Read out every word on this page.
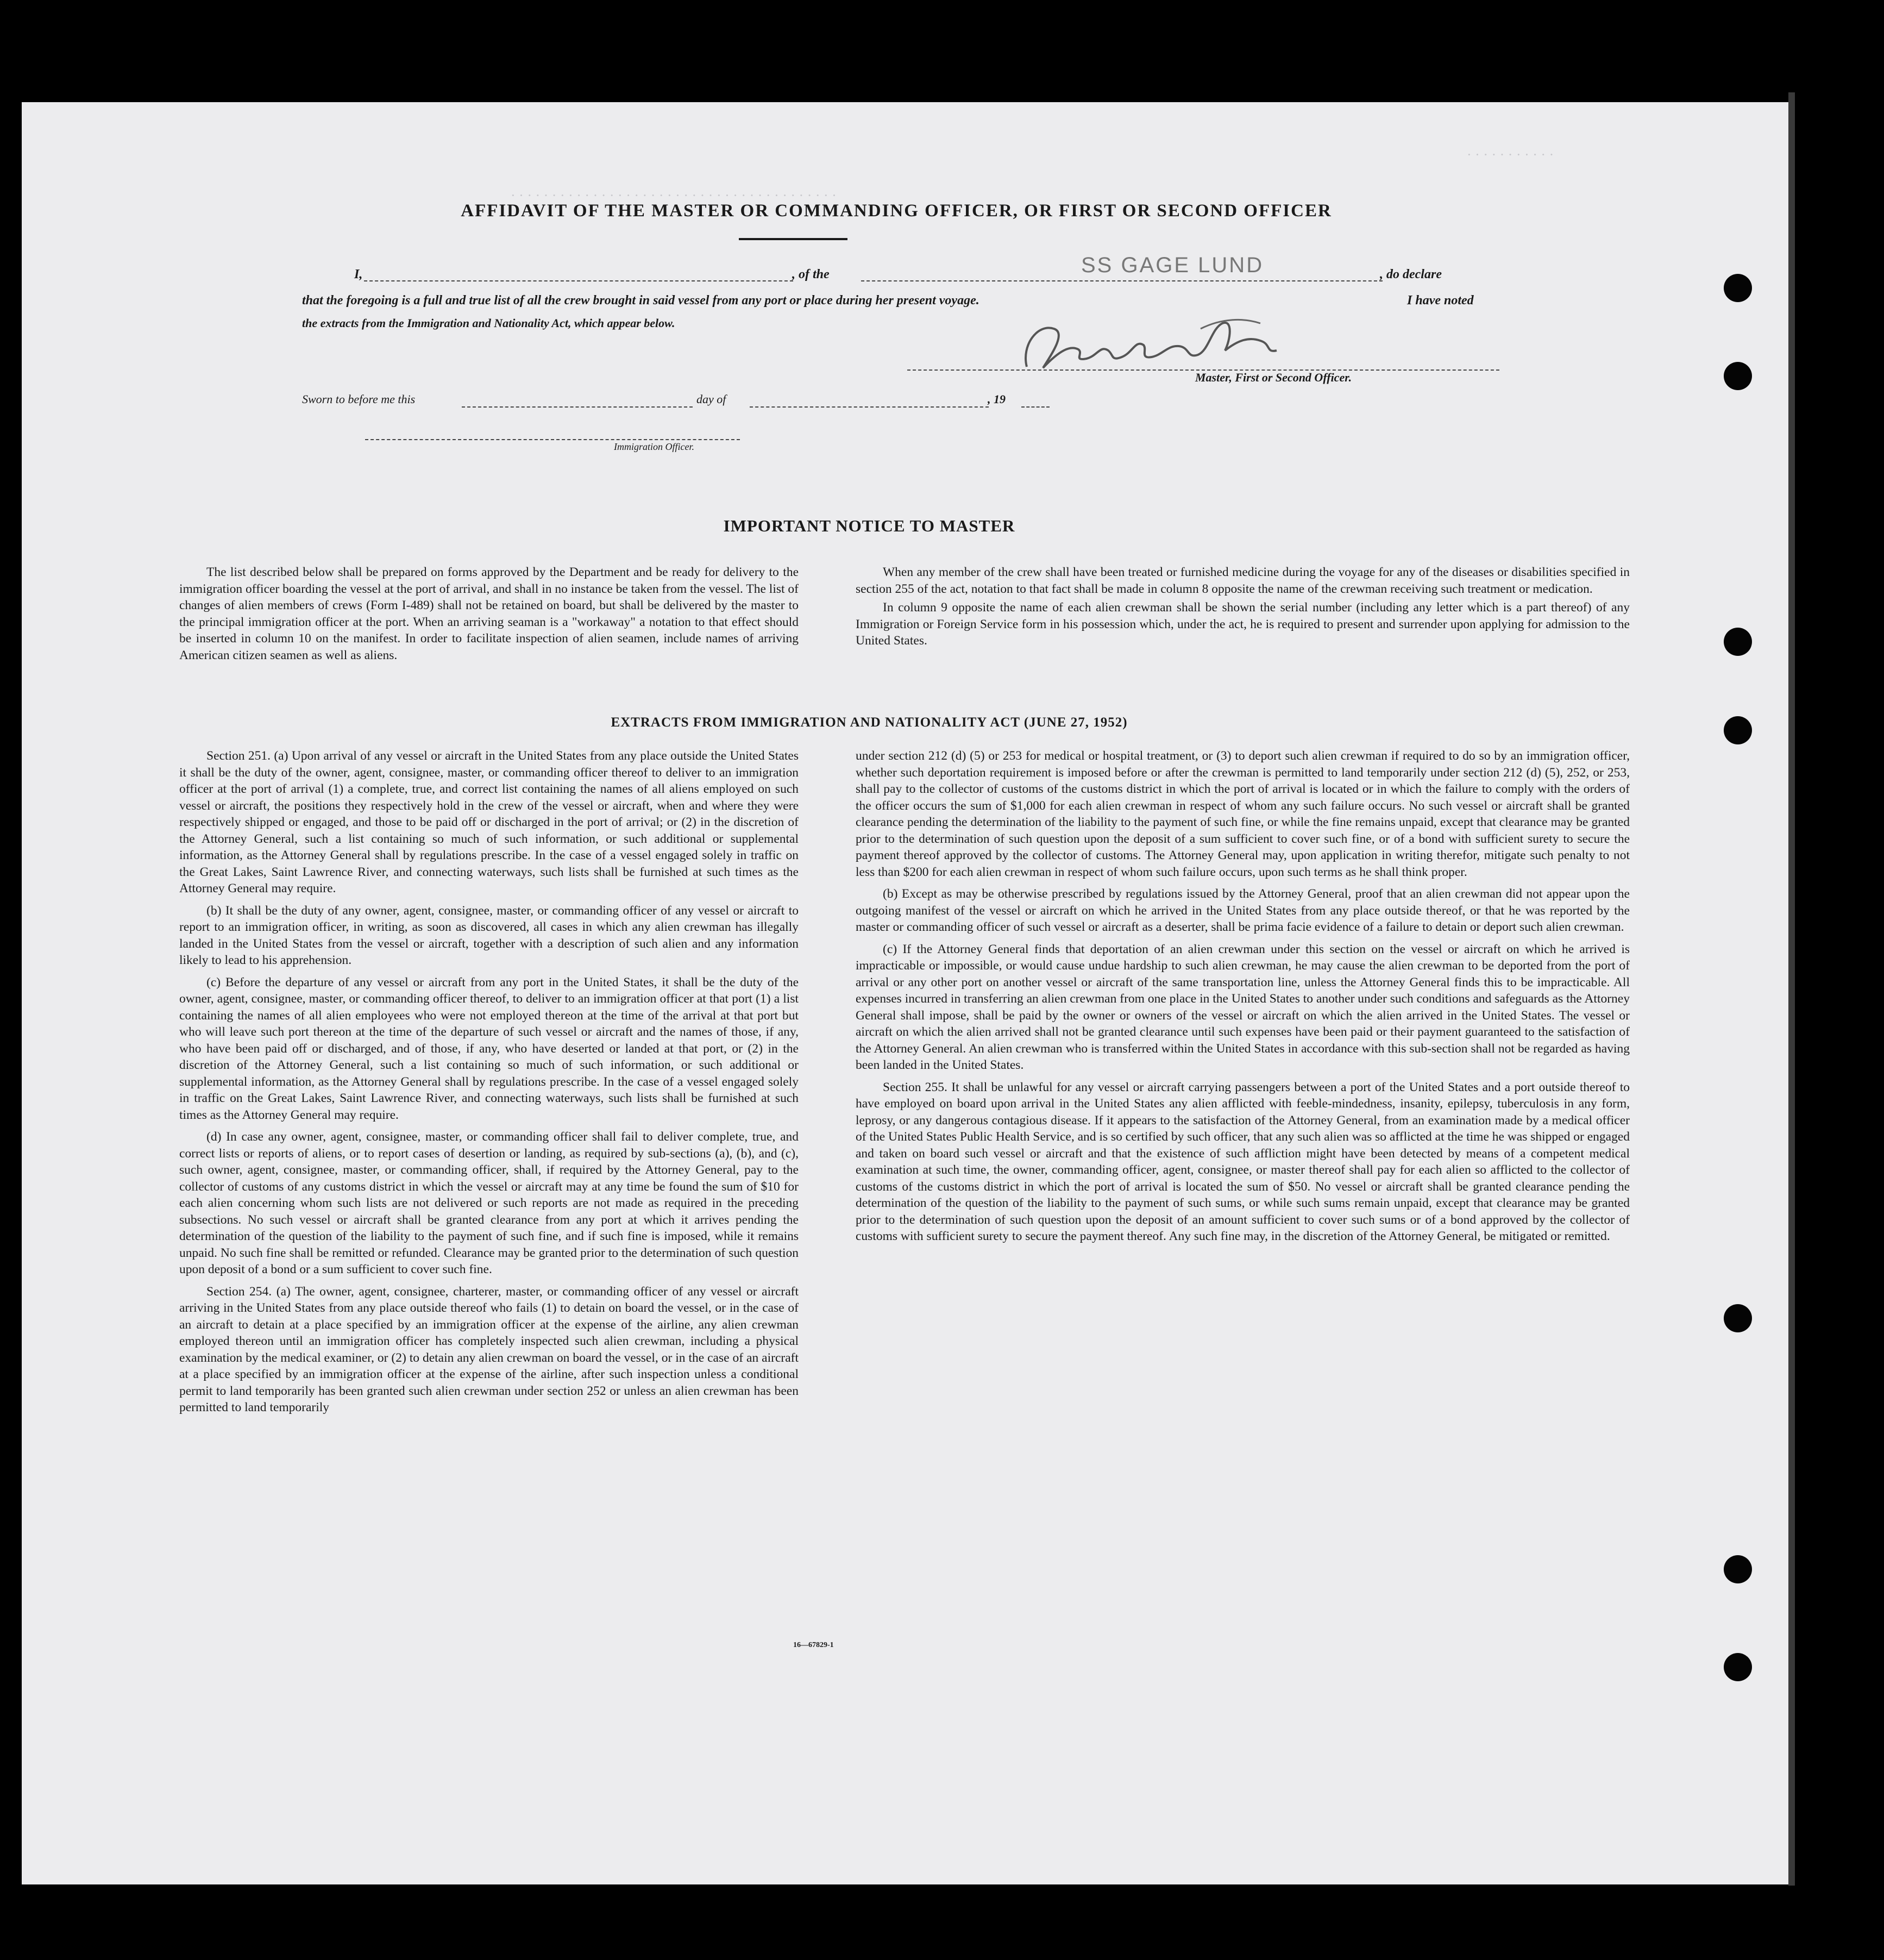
· · · · · · · · · · · · · · · · · · · · · · · · · · · · · · · · · · · · · · · ·
· · · · · · · · · · ·
AFFIDAVIT OF THE MASTER OR COMMANDING OFFICER, OR FIRST OR SECOND OFFICER
I,	, of the	SS GAGE LUND	, do declare
that the foregoing is a full and true list of all the crew brought in said vessel from any port or place during her present voyage.	I have noted
the extracts from the Immigration and Nationality Act, which appear below.
Master, First or Second Officer.
Sworn to before me this	day of	, 19
Immigration Officer.
IMPORTANT NOTICE TO MASTER

The list described below shall be prepared on forms approved by the Department and be ready for delivery to the immigration officer boarding the vessel at the port of arrival, and shall in no instance be taken from the vessel. The list of changes of alien members of crews (Form I-489) shall not be retained on board, but shall be delivered by the master to the principal immigration officer at the port. When an arriving seaman is a "workaway" a notation to that effect should be inserted in column 10 on the manifest. In order to facilitate inspection of alien seamen, include names of arriving American citizen seamen as well as aliens.

When any member of the crew shall have been treated or furnished medicine during the voyage for any of the diseases or disabilities specified in section 255 of the act, notation to that fact shall be made in column 8 opposite the name of the crewman receiving such treatment or medication.

In column 9 opposite the name of each alien crewman shall be shown the serial number (including any letter which is a part thereof) of any Immigration or Foreign Service form in his possession which, under the act, he is required to present and surrender upon applying for admission to the United States.

EXTRACTS FROM IMMIGRATION AND NATIONALITY ACT (JUNE 27, 1952)

Section 251. (a) Upon arrival of any vessel or aircraft in the United States from any place outside the United States it shall be the duty of the owner, agent, consignee, master, or commanding officer thereof to deliver to an immigration officer at the port of arrival (1) a complete, true, and correct list containing the names of all aliens employed on such vessel or aircraft, the positions they respectively hold in the crew of the vessel or aircraft, when and where they were respectively shipped or engaged, and those to be paid off or discharged in the port of arrival; or (2) in the discretion of the Attorney General, such a list containing so much of such information, or such additional or supplemental information, as the Attorney General shall by regulations prescribe. In the case of a vessel engaged solely in traffic on the Great Lakes, Saint Lawrence River, and connecting waterways, such lists shall be furnished at such times as the Attorney General may require.

(b) It shall be the duty of any owner, agent, consignee, master, or commanding officer of any vessel or aircraft to report to an immigration officer, in writing, as soon as discovered, all cases in which any alien crewman has illegally landed in the United States from the vessel or aircraft, together with a description of such alien and any information likely to lead to his apprehension.

(c) Before the departure of any vessel or aircraft from any port in the United States, it shall be the duty of the owner, agent, consignee, master, or commanding officer thereof, to deliver to an immigration officer at that port (1) a list containing the names of all alien employees who were not employed thereon at the time of the arrival at that port but who will leave such port thereon at the time of the departure of such vessel or aircraft and the names of those, if any, who have been paid off or discharged, and of those, if any, who have deserted or landed at that port, or (2) in the discretion of the Attorney General, such a list containing so much of such information, or such additional or supplemental information, as the Attorney General shall by regulations prescribe. In the case of a vessel engaged solely in traffic on the Great Lakes, Saint Lawrence River, and connecting waterways, such lists shall be furnished at such times as the Attorney General may require.

(d) In case any owner, agent, consignee, master, or commanding officer shall fail to deliver complete, true, and correct lists or reports of aliens, or to report cases of desertion or landing, as required by sub-sections (a), (b), and (c), such owner, agent, consignee, master, or commanding officer, shall, if required by the Attorney General, pay to the collector of customs of any customs district in which the vessel or aircraft may at any time be found the sum of $10 for each alien concerning whom such lists are not delivered or such reports are not made as required in the preceding subsections. No such vessel or aircraft shall be granted clearance from any port at which it arrives pending the determination of the question of the liability to the payment of such fine, and if such fine is imposed, while it remains unpaid. No such fine shall be remitted or refunded. Clearance may be granted prior to the determination of such question upon deposit of a bond or a sum sufficient to cover such fine.

Section 254. (a) The owner, agent, consignee, charterer, master, or commanding officer of any vessel or aircraft arriving in the United States from any place outside thereof who fails (1) to detain on board the vessel, or in the case of an aircraft to detain at a place specified by an immigration officer at the expense of the airline, any alien crewman employed thereon until an immigration officer has completely inspected such alien crewman, including a physical examination by the medical examiner, or (2) to detain any alien crewman on board the vessel, or in the case of an aircraft at a place specified by an immigration officer at the expense of the airline, after such inspection unless a conditional permit to land temporarily has been granted such alien crewman under section 252 or unless an alien crewman has been permitted to land temporarily

under section 212 (d) (5) or 253 for medical or hospital treatment, or (3) to deport such alien crewman if required to do so by an immigration officer, whether such deportation requirement is imposed before or after the crewman is permitted to land temporarily under section 212 (d) (5), 252, or 253, shall pay to the collector of customs of the customs district in which the port of arrival is located or in which the failure to comply with the orders of the officer occurs the sum of $1,000 for each alien crewman in respect of whom any such failure occurs. No such vessel or aircraft shall be granted clearance pending the determination of the liability to the payment of such fine, or while the fine remains unpaid, except that clearance may be granted prior to the determination of such question upon the deposit of a sum sufficient to cover such fine, or of a bond with sufficient surety to secure the payment thereof approved by the collector of customs. The Attorney General may, upon application in writing therefor, mitigate such penalty to not less than $200 for each alien crewman in respect of whom such failure occurs, upon such terms as he shall think proper.

(b) Except as may be otherwise prescribed by regulations issued by the Attorney General, proof that an alien crewman did not appear upon the outgoing manifest of the vessel or aircraft on which he arrived in the United States from any place outside thereof, or that he was reported by the master or commanding officer of such vessel or aircraft as a deserter, shall be prima facie evidence of a failure to detain or deport such alien crewman.

(c) If the Attorney General finds that deportation of an alien crewman under this section on the vessel or aircraft on which he arrived is impracticable or impossible, or would cause undue hardship to such alien crewman, he may cause the alien crewman to be deported from the port of arrival or any other port on another vessel or aircraft of the same transportation line, unless the Attorney General finds this to be impracticable. All expenses incurred in transferring an alien crewman from one place in the United States to another under such conditions and safeguards as the Attorney General shall impose, shall be paid by the owner or owners of the vessel or aircraft on which the alien arrived in the United States. The vessel or aircraft on which the alien arrived shall not be granted clearance until such expenses have been paid or their payment guaranteed to the satisfaction of the Attorney General. An alien crewman who is transferred within the United States in accordance with this sub-section shall not be regarded as having been landed in the United States.

Section 255. It shall be unlawful for any vessel or aircraft carrying passengers between a port of the United States and a port outside thereof to have employed on board upon arrival in the United States any alien afflicted with feeble-mindedness, insanity, epilepsy, tuberculosis in any form, leprosy, or any dangerous contagious disease. If it appears to the satisfaction of the Attorney General, from an examination made by a medical officer of the United States Public Health Service, and is so certified by such officer, that any such alien was so afflicted at the time he was shipped or engaged and taken on board such vessel or aircraft and that the existence of such affliction might have been detected by means of a competent medical examination at such time, the owner, commanding officer, agent, consignee, or master thereof shall pay for each alien so afflicted to the collector of customs of the customs district in which the port of arrival is located the sum of $50. No vessel or aircraft shall be granted clearance pending the determination of the question of the liability to the payment of such sums, or while such sums remain unpaid, except that clearance may be granted prior to the determination of such question upon the deposit of an amount sufficient to cover such sums or of a bond approved by the collector of customs with sufficient surety to secure the payment thereof. Any such fine may, in the discretion of the Attorney General, be mitigated or remitted.

16—67829-1
